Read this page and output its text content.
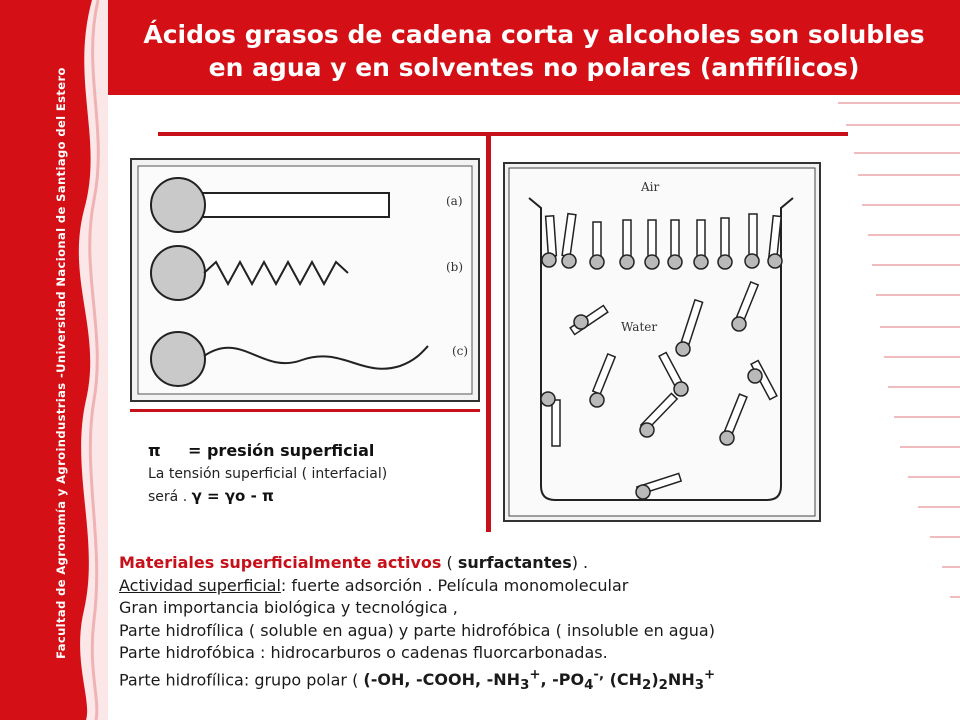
Facultad de Agronomía y Agroindustrias -Universidad Nacional de Santiago del Estero
Ácidos grasos de cadena corta y alcoholes son solubles
en agua y en solventes no polares (anfifílicos)
(a)
(b)
(c)
Air
Water
π = presión superficial
La tensión superficial ( interfacial)
será . γ = γo - π
Materiales superficialmente activos ( surfactantes) .
Actividad superficial: fuerte adsorción . Película monomolecular
Gran importancia biológica y tecnológica ,
Parte hidrofílica ( soluble en agua) y parte hidrofóbica ( insoluble en agua)
Parte hidrofóbica : hidrocarburos o cadenas fluorcarbonadas.
Parte hidrofílica: grupo polar ( (-OH, -COOH, $-NH_3^+$, $-PO_4^{-,}$ $(CH_2)_2NH_3^+$
